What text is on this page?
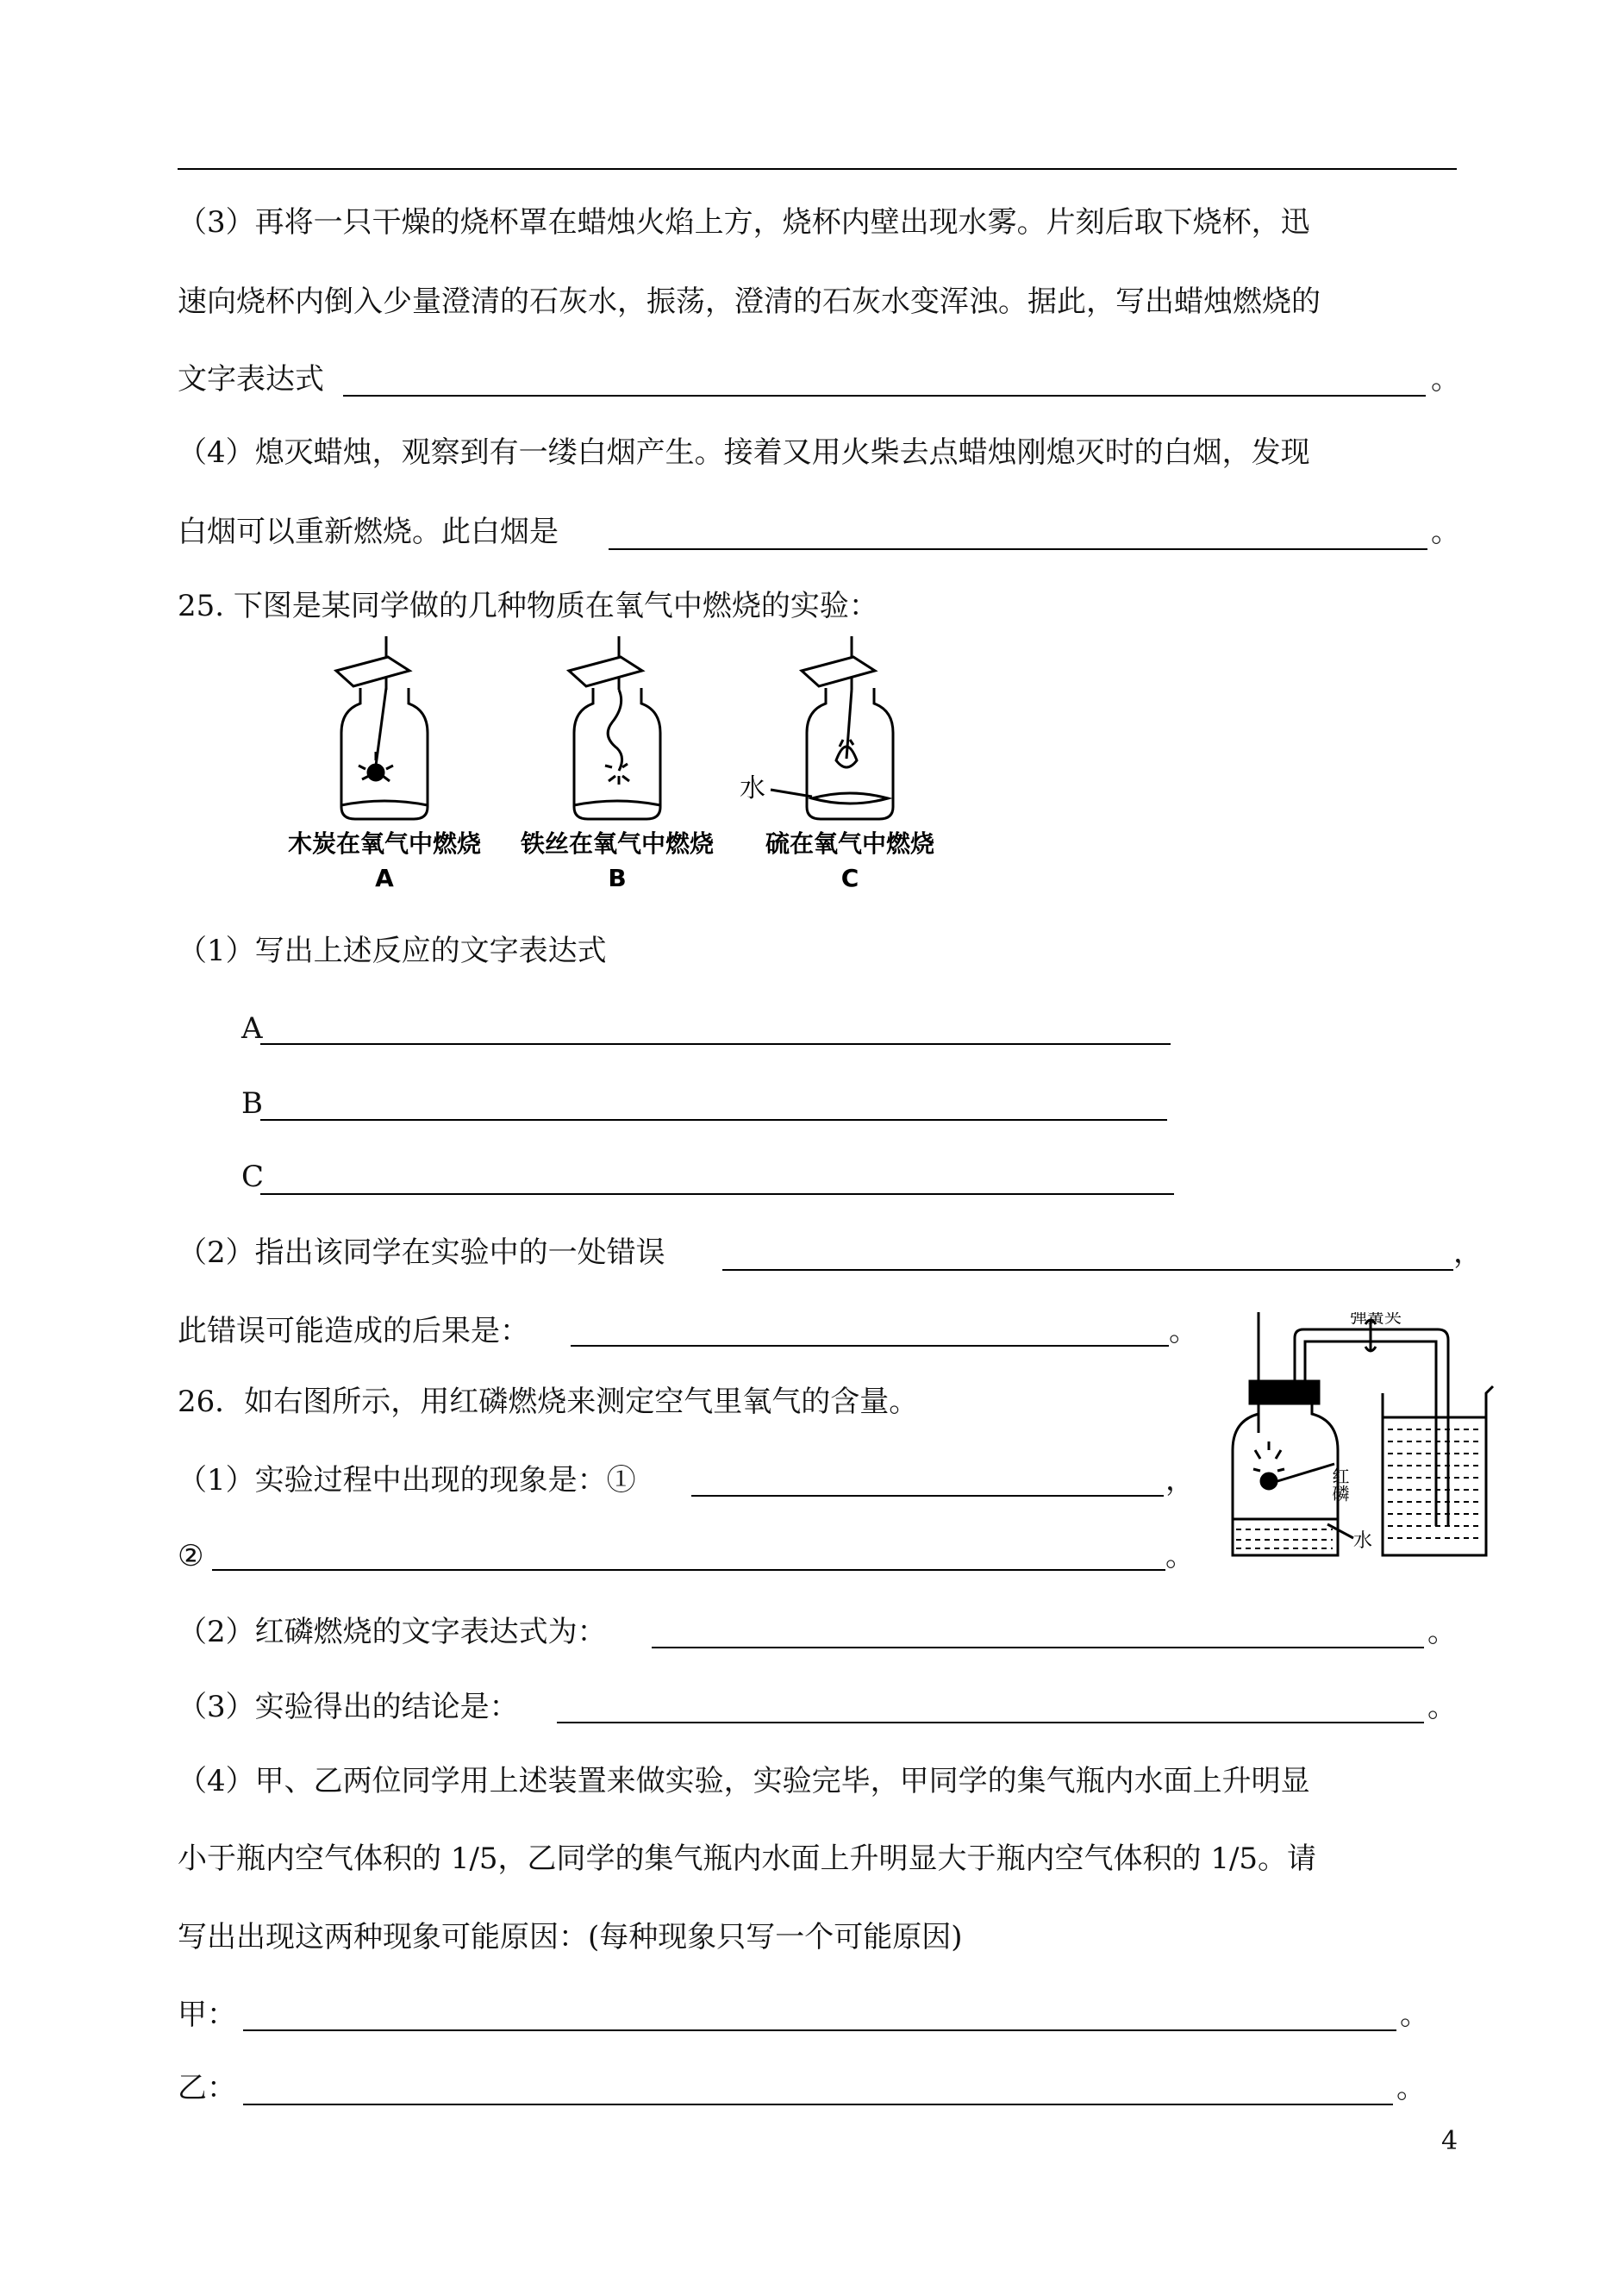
（3）再将一只干燥的烧杯罩在蜡烛火焰上方，烧杯内壁出现水雾。片刻后取下烧杯，迅
速向烧杯内倒入少量澄清的石灰水，振荡，澄清的石灰水变浑浊。据此，写出蜡烛燃烧的
文字表达式	。
（4）熄灭蜡烛，观察到有一缕白烟产生。接着又用火柴去点蜡烛刚熄灭时的白烟，发现
白烟可以重新燃烧。此白烟是	。
25. 下图是某同学做的几种物质在氧气中燃烧的实验：
水
木炭在氧气中燃烧 铁丝在氧气中燃烧 硫在氧气中燃烧
A	B	C
（1）写出上述反应的文字表达式
A
B
C
（2）指出该同学在实验中的一处错误	，
此错误可能造成的后果是：	。	弹簧夹
红磷
水
26．如右图所示，用红磷燃烧来测定空气里氧气的含量。
（1）实验过程中出现的现象是：①	，
②	。
（2）红磷燃烧的文字表达式为：	。
（3）实验得出的结论是：	。
（4）甲、乙两位同学用上述装置来做实验，实验完毕，甲同学的集气瓶内水面上升明显
小于瓶内空气体积的 1/5，乙同学的集气瓶内水面上升明显大于瓶内空气体积的 1/5。请
写出出现这两种现象可能原因：(每种现象只写一个可能原因)
甲：	。
乙：	。
4
